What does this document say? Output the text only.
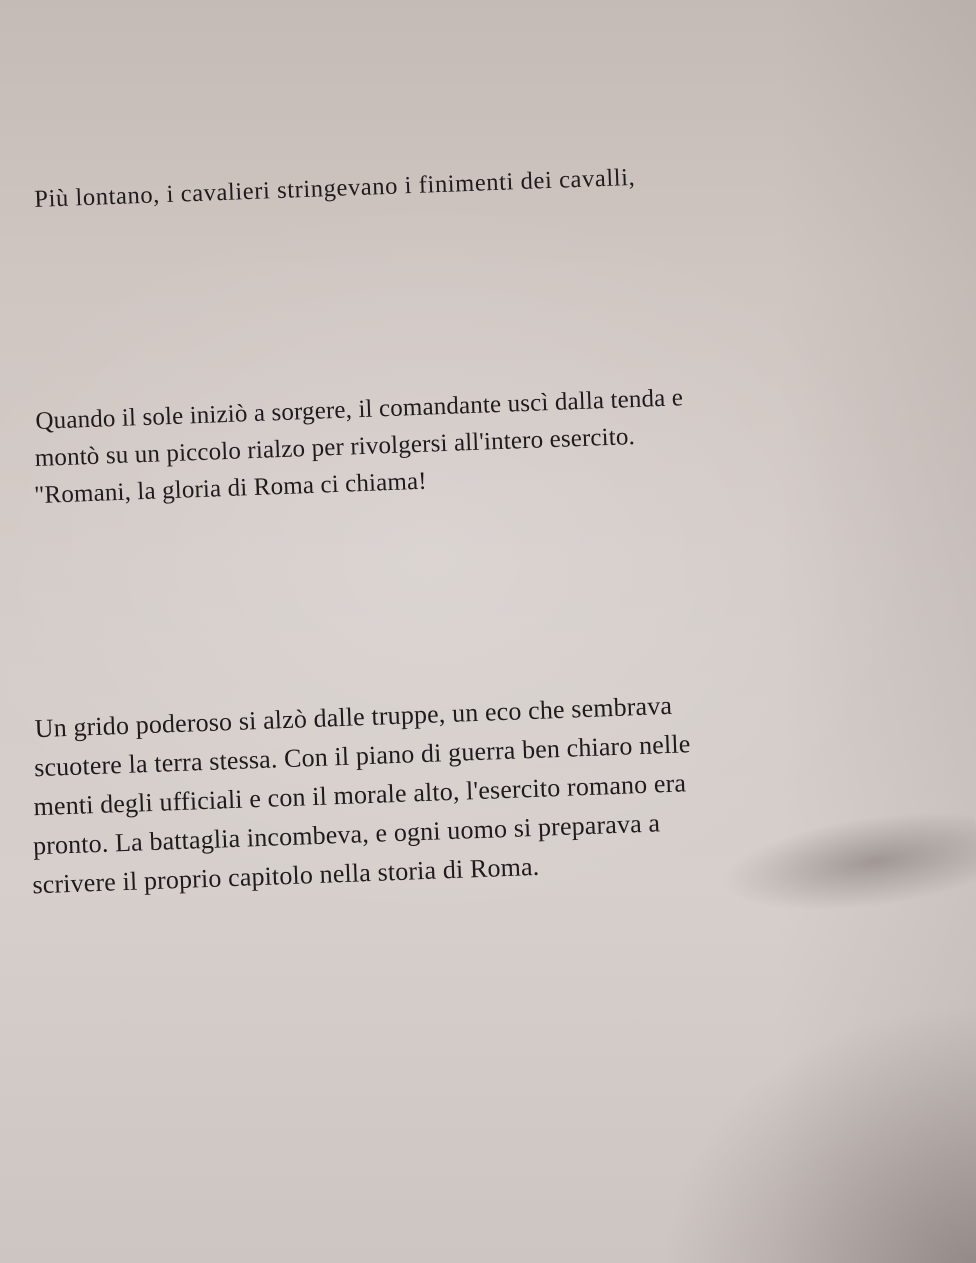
Più lontano, i cavalieri stringevano i finimenti dei cavalli,
Quando il sole iniziò a sorgere, il comandante uscì dalla tenda e
montò su un piccolo rialzo per rivolgersi all'intero esercito.
"Romani, la gloria di Roma ci chiama!
Un grido poderoso si alzò dalle truppe, un eco che sembrava
scuotere la terra stessa. Con il piano di guerra ben chiaro nelle
menti degli ufficiali e con il morale alto, l'esercito romano era
pronto. La battaglia incombeva, e ogni uomo si preparava a
scrivere il proprio capitolo nella storia di Roma.
